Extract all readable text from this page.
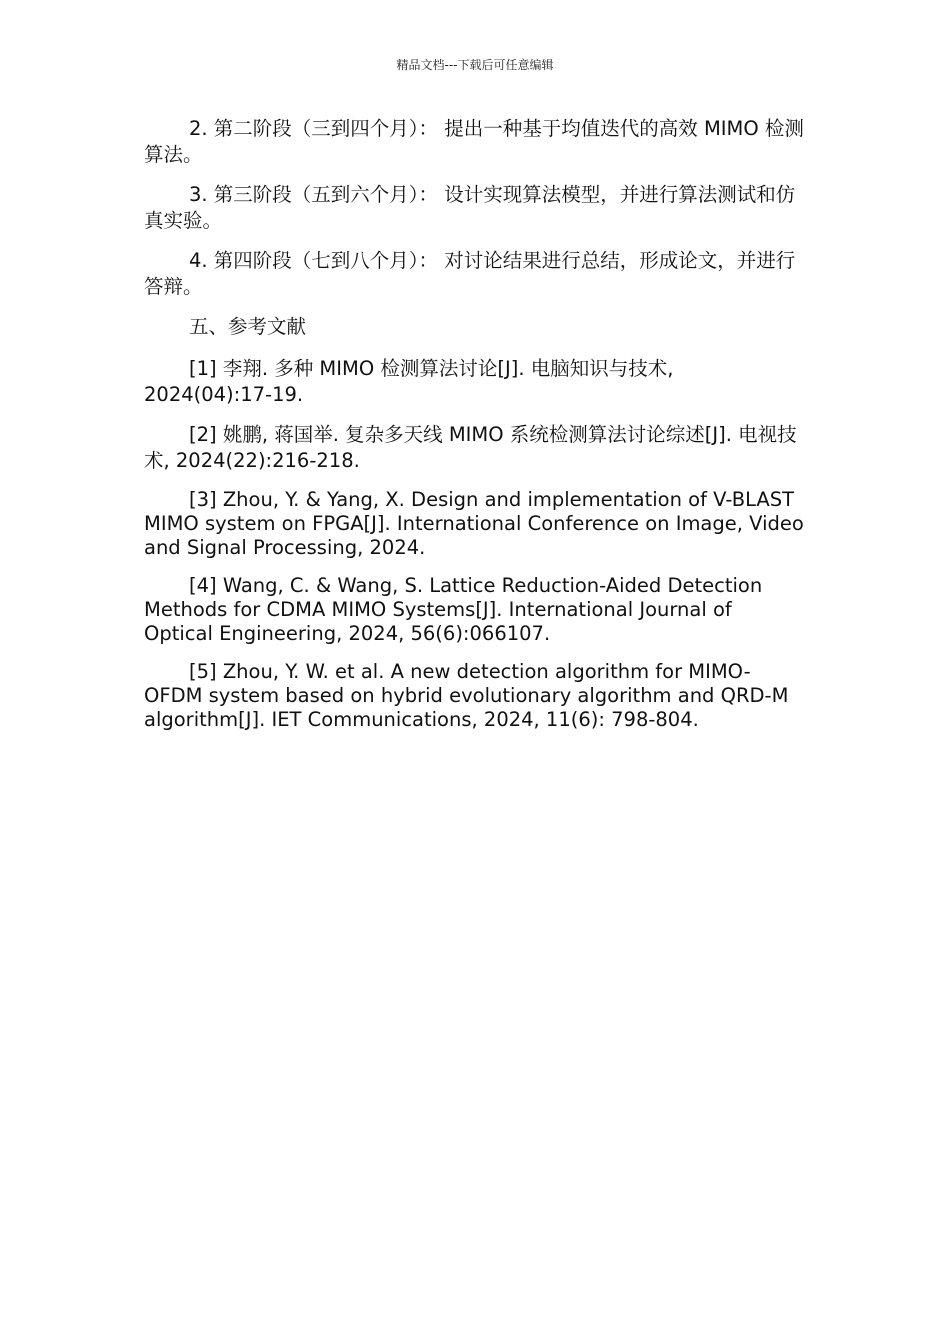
精品文档---下载后可任意编辑

2. 第二阶段（三到四个月）： 提出一种基于均值迭代的高效 MIMO 检测算法。

3. 第三阶段（五到六个月）： 设计实现算法模型，并进行算法测试和仿真实验。

4. 第四阶段（七到八个月）： 对讨论结果进行总结，形成论文，并进行答辩。

五、参考文献

[1] 李翔. 多种 MIMO 检测算法讨论[J]. 电脑知识与技术, 2024(04):17-19.

[2] 姚鹏, 蒋国举. 复杂多天线 MIMO 系统检测算法讨论综述[J]. 电视技术, 2024(22):216-218.

[3] Zhou, Y. & Yang, X. Design and implementation of V-BLAST MIMO system on FPGA[J]. International Conference on Image, Video and Signal Processing, 2024.

[4] Wang, C. & Wang, S. Lattice Reduction-Aided Detection Methods for CDMA MIMO Systems[J]. International Journal of Optical Engineering, 2024, 56(6):066107.

[5] Zhou, Y. W. et al. A new detection algorithm for MIMO-OFDM system based on hybrid evolutionary algorithm and QRD-M algorithm[J]. IET Communications, 2024, 11(6): 798-804.
